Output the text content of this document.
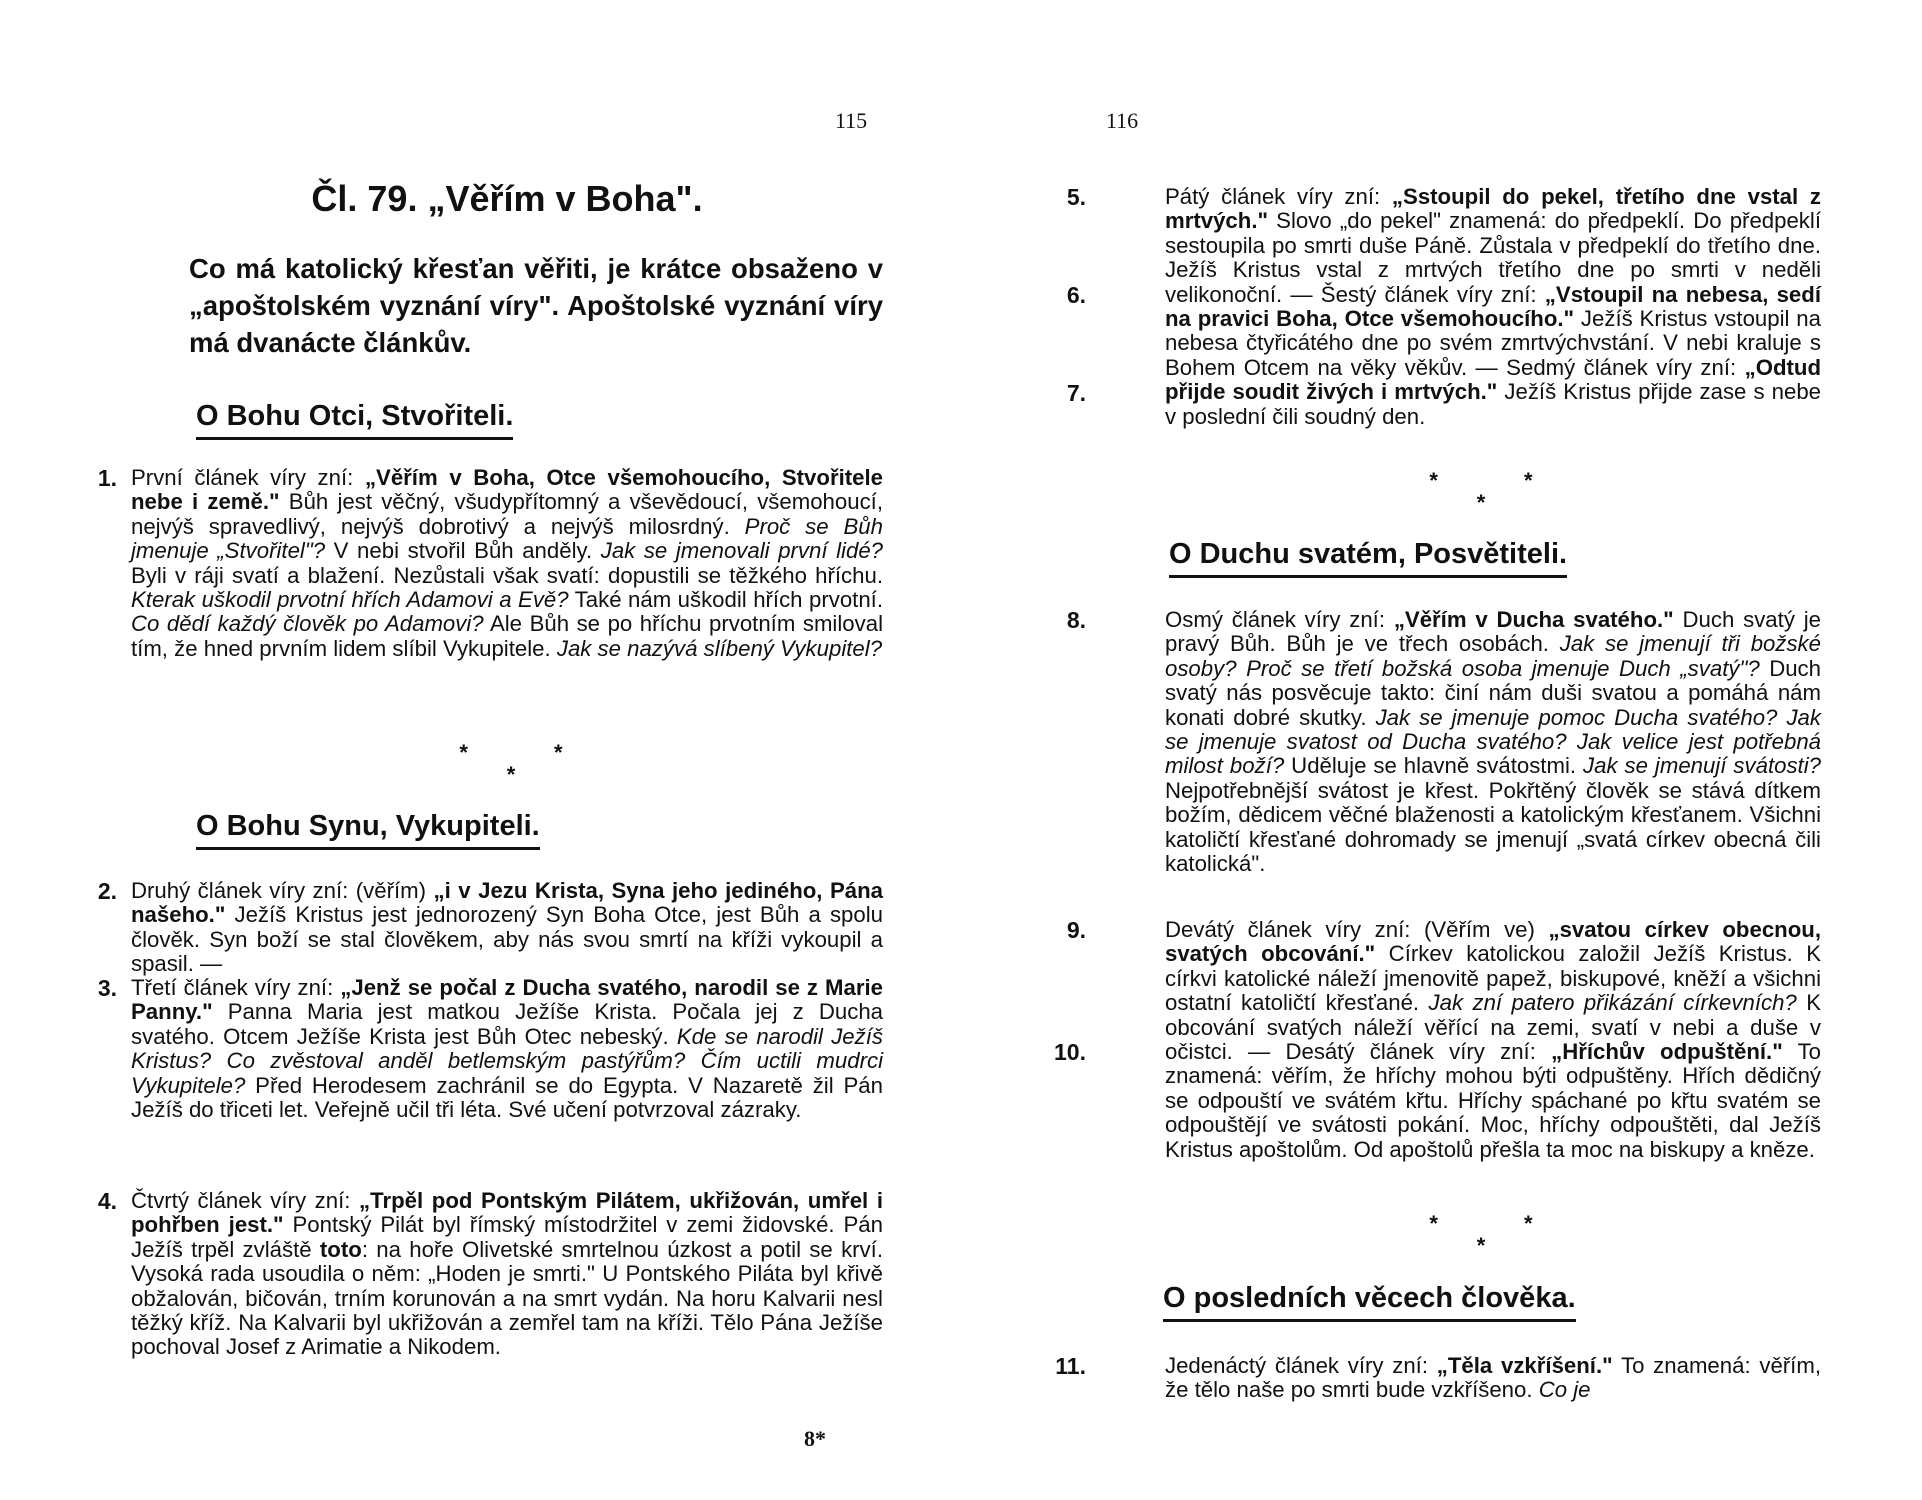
115
Čl. 79. „Věřím v Boha".

Co má katolický křesťan věřiti, je krátce obsaženo v „apoštolském vyznání víry". Apoštolské vyznání víry má dvanácte článkův.

O Bohu Otci, Stvořiteli.
1. První článek víry zní: „Věřím v Boha, Otce všemohoucího, Stvořitele nebe i země." Bůh jest věčný, všudypřítomný a vševědoucí, všemohoucí, nejvýš spravedlivý, nejvýš dobrotivý a nejvýš milosrdný. Proč se Bůh jmenuje „Stvořitel"? V nebi stvořil Bůh anděly. Jak se jmenovali první lidé? Byli v ráji svatí a blažení. Nezůstali však svatí: dopustili se těžkého hříchu. Kterak uškodil prvotní hřích Adamovi a Evě? Také nám uškodil hřích prvotní. Co dědí každý člověk po Adamovi? Ale Bůh se po hříchu prvotním smiloval tím, že hned prvním lidem slíbil Vykupitele. Jak se nazývá slíbený Vykupitel?

* * *
O Bohu Synu, Vykupiteli.
2. Druhý článek víry zní: (věřím) „i v Jezu Krista, Syna jeho jediného, Pána našeho." Ježíš Kristus jest jednorozený Syn Boha Otce, jest Bůh a spolu člověk. Syn boží se stal člověkem, aby nás svou smrtí na kříži vykoupil a spasil. —

3. Třetí článek víry zní: „Jenž se počal z Ducha svatého, narodil se z Marie Panny." Panna Maria jest matkou Ježíše Krista. Počala jej z Ducha svatého. Otcem Ježíše Krista jest Bůh Otec nebeský. Kde se narodil Ježíš Kristus? Co zvěstoval anděl betlemským pastýřům? Čím uctili mudrci Vykupitele? Před Herodesem zachránil se do Egypta. V Nazaretě žil Pán Ježíš do třiceti let. Veřejně učil tři léta. Své učení potvrzoval zázraky.

4. Čtvrtý článek víry zní: „Trpěl pod Pontským Pilátem, ukřižován, umřel i pohřben jest." Pontský Pilát byl římský místodržitel v zemi židovské. Pán Ježíš trpěl zvláště toto: na hoře Olivetské smrtelnou úzkost a potil se krví. Vysoká rada usoudila o něm: „Hoden je smrti." U Pontského Piláta byl křivě obžalován, bičován, trním korunován a na smrt vydán. Na horu Kalvarii nesl těžký kříž. Na Kalvarii byl ukřižován a zemřel tam na kříži. Tělo Pána Ježíše pochoval Josef z Arimatie a Nikodem.

8*
116
5.
6.
7.

Pátý článek víry zní: „Sstoupil do pekel, třetího dne vstal z mrtvých." Slovo „do pekel" znamená: do předpeklí. Do předpeklí sestoupila po smrti duše Páně. Zůstala v předpeklí do třetího dne. Ježíš Kristus vstal z mrtvých třetího dne po smrti v neděli velikonoční. — Šestý článek víry zní: „Vstoupil na nebesa, sedí na pravici Boha, Otce všemohoucího." Ježíš Kristus vstoupil na nebesa čtyřicátého dne po svém zmrtvýchvstání. V nebi kraluje s Bohem Otcem na věky věkův. — Sedmý článek víry zní: „Odtud přijde soudit živých i mrtvých." Ježíš Kristus přijde zase s nebe v poslední čili soudný den.

* * *
O Duchu svatém, Posvětiteli.
8.	Osmý článek víry zní: „Věřím v Ducha svatého." Duch svatý je pravý Bůh. Bůh je ve třech osobách. Jak se jmenují tři božské osoby? Proč se třetí božská osoba jmenuje Duch „svatý"? Duch svatý nás posvěcuje takto: činí nám duši svatou a pomáhá nám konati dobré skutky. Jak se jmenuje pomoc Ducha svatého? Jak se jmenuje svatost od Ducha svatého? Jak velice jest potřebná milost boží? Uděluje se hlavně svátostmi. Jak se jmenují svátosti? Nejpotřebnější svátost je křest. Pokřtěný člověk se stává dítkem božím, dědicem věčné blaženosti a katolickým křesťanem. Všichni katoličtí křesťané dohromady se jmenují „svatá církev obecná čili katolická".

9.
10.

Devátý článek víry zní: (Věřím ve) „svatou církev obecnou, svatých obcování." Církev katolickou založil Ježíš Kristus. K církvi katolické náleží jmenovitě papež, biskupové, kněží a všichni ostatní katoličtí křesťané. Jak zní patero přikázání církevních? K obcování svatých náleží věřící na zemi, svatí v nebi a duše v očistci. — Desátý článek víry zní: „Hříchův odpuštění." To znamená: věřím, že hříchy mohou býti odpuštěny. Hřích dědičný se odpouští ve svátém křtu. Hříchy spáchané po křtu svatém se odpouštějí ve svátosti pokání. Moc, hříchy odpouštěti, dal Ježíš Kristus apoštolům. Od apoštolů přešla ta moc na biskupy a kněze.

* * *
O posledních věcech člověka.
11.	Jedenáctý článek víry zní: „Těla vzkříšení." To znamená: věřím, že tělo naše po smrti bude vzkříšeno. Co je
